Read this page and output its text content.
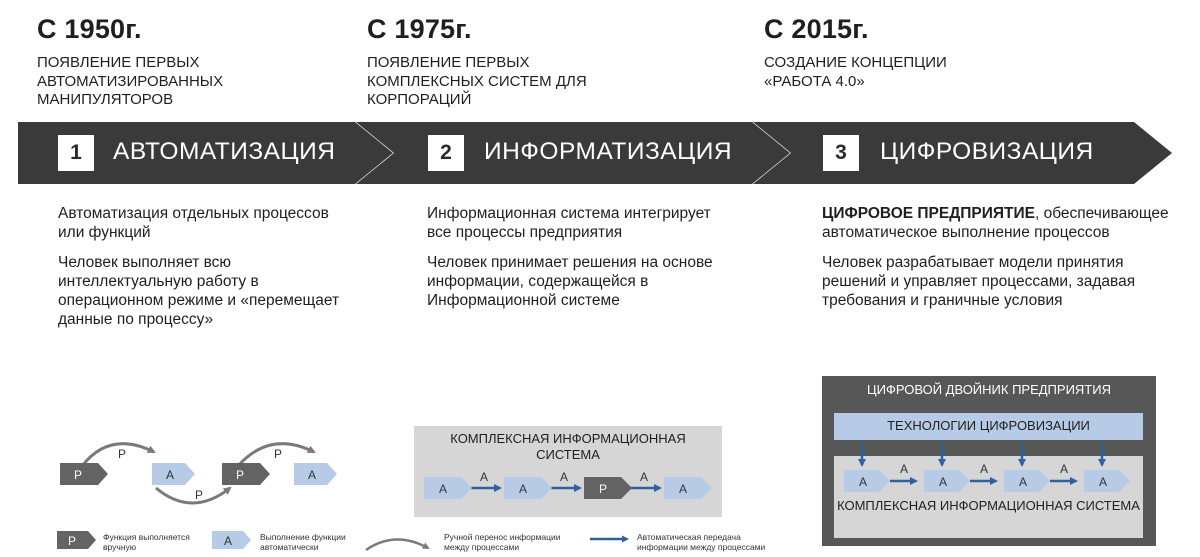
С 1950г.
ПОЯВЛЕНИЕ ПЕРВЫХ
АВТОМАТИЗИРОВАННЫХ
МАНИПУЛЯТОРОВ
С 1975г.
ПОЯВЛЕНИЕ ПЕРВЫХ
КОМПЛЕКСНЫХ СИСТЕМ ДЛЯ
КОРПОРАЦИЙ
С 2015г.
СОЗДАНИЕ КОНЦЕПЦИИ
«РАБОТА 4.0»
1	АВТОМАТИЗАЦИЯ	2	ИНФОРМАТИЗАЦИЯ	3	ЦИФРОВИЗАЦИЯ

Автоматизация отдельных процессов или функций

Человек выполняет всю интеллектуальную работу в операционном режиме и «перемещает данные по процессу»

Информационная система интегрирует все процессы предприятия

Человек принимает решения на основе информации, содержащейся в Информационной системе

ЦИФРОВОЕ ПРЕДПРИЯТИЕ, обеспечивающее автоматическое выполнение процессов

Человек разрабатывает модели принятия решений и управляет процессами, задавая требования и граничные условия

Р	А	Р	А
Р
Р
Р
КОМПЛЕКСНАЯ ИНФОРМАЦИОННАЯ СИСТЕМА
А	А	Р	А
А	А	А
ЦИФРОВОЙ ДВОЙНИК ПРЕДПРИЯТИЯ
ТЕХНОЛОГИИ ЦИФРОВИЗАЦИИ
КОМПЛЕКСНАЯ ИНФОРМАЦИОННАЯ СИСТЕМА
А	А	А	А
А	А	А
Р	А
Функция выполняется вручную
Выполнение функции автоматически
Ручной перенос информации между процессами
Автоматическая передача информации между процессами
